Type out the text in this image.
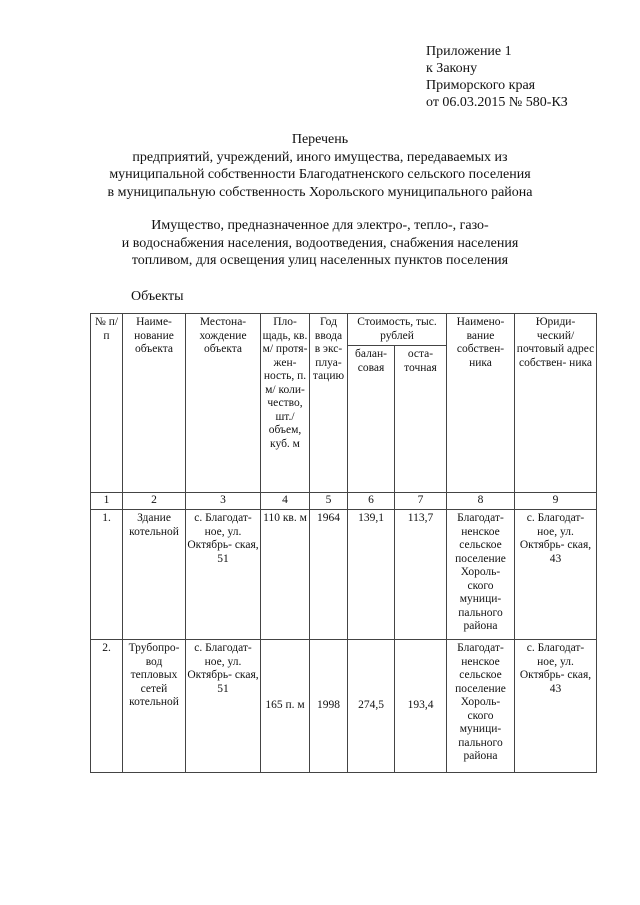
Приложение 1
к Закону
Приморского края
от 06.03.2015 № 580-КЗ
Перечень
предприятий, учреждений, иного имущества, передаваемых из
муниципальной собственности Благодатненского сельского поселения
в муниципальную собственность Хорольского муниципального района
Имущество, предназначенное для электро-, тепло-, газо-
и водоснабжения населения, водоотведения, снабжения населения
топливом, для освещения улиц населенных пунктов поселения
Объекты
№ п/п	Наиме- нование объекта	Местона- хождение объекта	Пло- щадь, кв. м/ протя- жен- ность, п. м/ коли- чество, шт./ объем, куб. м	Год ввода в экс- плуа- тацию	Стоимость, тыс. рублей		Наимено- вание собствен- ника	Юриди- ческий/ почтовый адрес собствен- ника
					балан- совая	оста- точная		
1	2	3	4	5	6	7	8	9
1.	Здание котельной	с. Благодат- ное, ул. Октябрь- ская, 51	110 кв. м	1964	139,1	113,7	Благодат- ненское сельское поселение Хороль- ского муници- пального района	с. Благодат- ное, ул. Октябрь- ская, 43
2.	Трубопро- вод тепловых сетей котельной	с. Благодат- ное, ул. Октябрь- ская, 51	165 п. м	1998	274,5	193,4	Благодат- ненское сельское поселение Хороль- ского муници- пального района	с. Благодат- ное, ул. Октябрь- ская, 43
